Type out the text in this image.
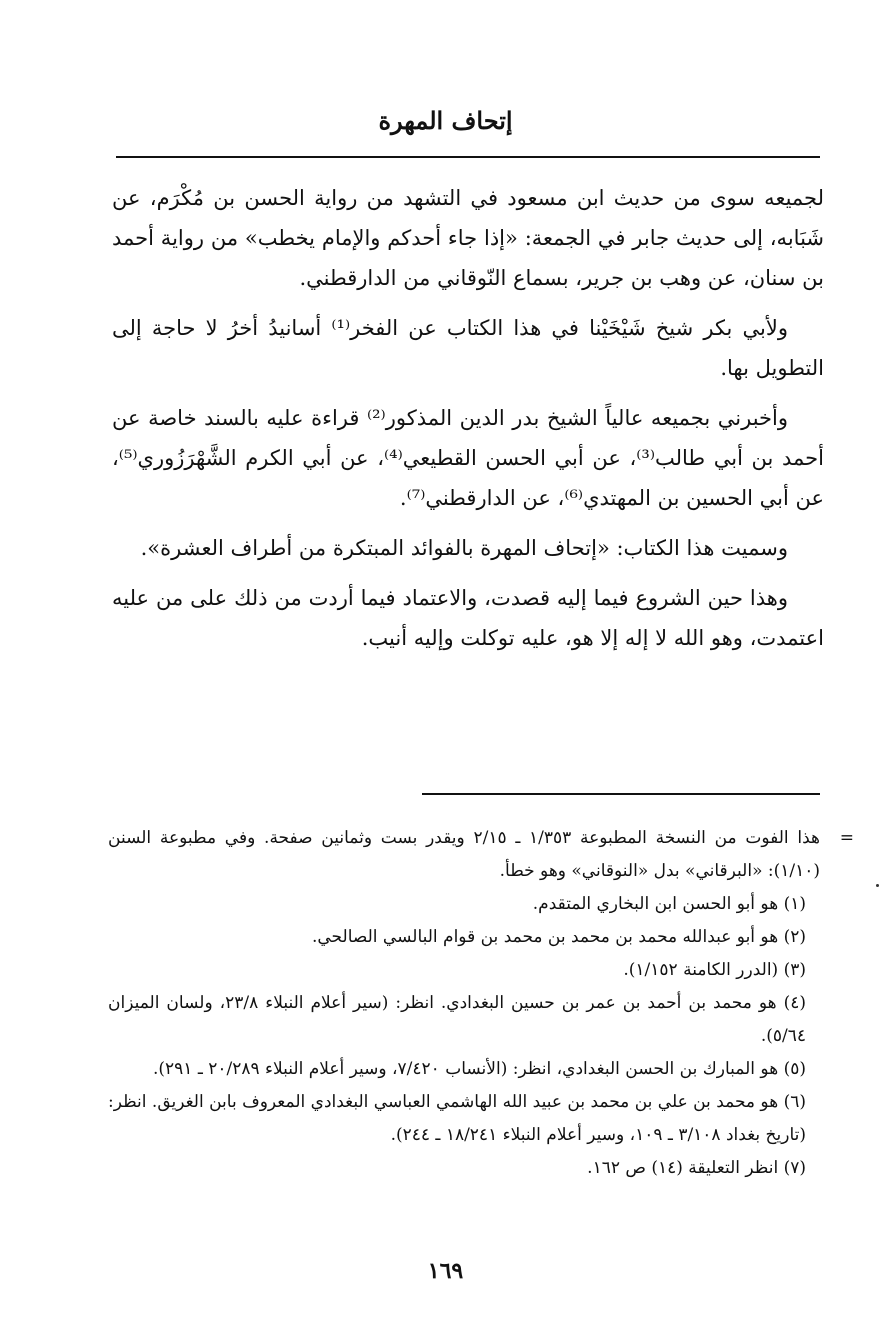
إتحاف المهرة

لجميعه سوى من حديث ابن مسعود في التشهد من رواية الحسن بن مُكْرَم، عن شَبَابه، إلى حديث جابر في الجمعة: «إذا جاء أحدكم والإمام يخطب» من رواية أحمد بن سنان، عن وهب بن جرير، بسماع النّوقاني من الدارقطني.

ولأبي بكر شيخ شَيْخَيْنا في هذا الكتاب عن الفخر⁽¹⁾ أسانيدُ أخرُ لا حاجة إلى التطويل بها.

وأخبرني بجميعه عالياً الشيخ بدر الدين المذكور⁽²⁾ قراءة عليه بالسند خاصة عن أحمد بن أبي طالب⁽³⁾، عن أبي الحسن القطيعي⁽⁴⁾، عن أبي الكرم الشَّهْرَزُوري⁽⁵⁾، عن أبي الحسين بن المهتدي⁽⁶⁾، عن الدارقطني⁽⁷⁾.

وسميت هذا الكتاب: «إتحاف المهرة بالفوائد المبتكرة من أطراف العشرة».

وهذا حين الشروع فيما إليه قصدت، والاعتماد فيما أردت من ذلك على من عليه اعتمدت، وهو الله لا إله إلا هو، عليه توكلت وإليه أنيب.

=
هذا الفوت من النسخة المطبوعة ١/٣٥٣ ـ ٢/١٥ ويقدر بست وثمانين صفحة. وفي مطبوعة السنن (١/١٠): «البرقاني» بدل «النوقاني» وهو خطأ.

(١) هو أبو الحسن ابن البخاري المتقدم.

(٢) هو أبو عبدالله محمد بن محمد بن محمد بن قوام البالسي الصالحي.

(٣) (الدرر الكامنة ١/١٥٢).

(٤) هو محمد بن أحمد بن عمر بن حسين البغدادي. انظر: (سير أعلام النبلاء ٢٣/٨، ولسان الميزان ٥/٦٤).

(٥) هو المبارك بن الحسن البغدادي، انظر: (الأنساب ٧/٤٢٠، وسير أعلام النبلاء ٢٠/٢٨٩ ـ ٢٩١).

(٦) هو محمد بن علي بن محمد بن عبيد الله الهاشمي العباسي البغدادي المعروف بابن الغريق. انظر: (تاريخ بغداد ٣/١٠٨ ـ ١٠٩، وسير أعلام النبلاء ١٨/٢٤١ ـ ٢٤٤).

(٧) انظر التعليقة (١٤) ص ١٦٢.

١٦٩
